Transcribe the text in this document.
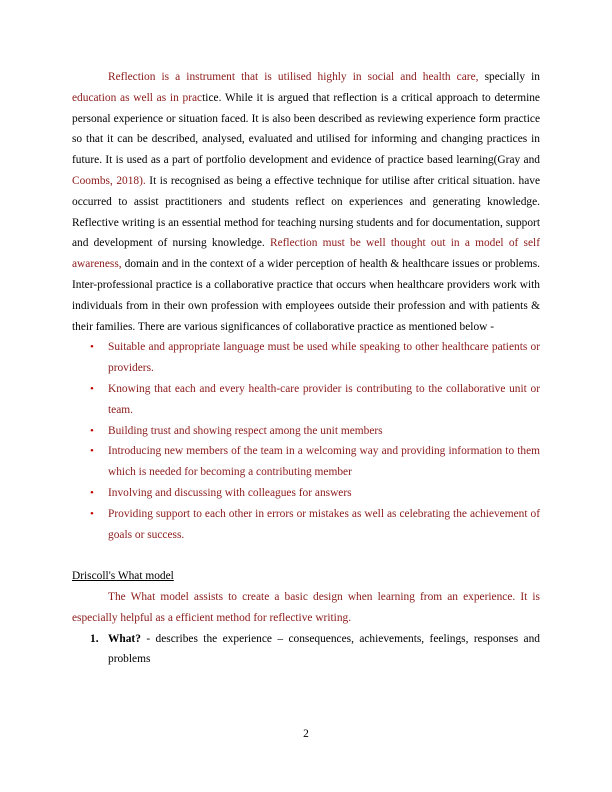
Reflection is a instrument that is utilised highly in social and health care, specially in education as well as in practice. While it is argued that reflection is a critical approach to determine personal experience or situation faced. It is also been described as reviewing experience form practice so that it can be described, analysed, evaluated and utilised for informing and changing practices in future. It is used as a part of portfolio development and evidence of practice based learning(Gray and Coombs, 2018). It is recognised as being a effective technique for utilise after critical situation. have occurred to assist practitioners and students reflect on experiences and generating knowledge. Reflective writing is an essential method for teaching nursing students and for documentation, support and development of nursing knowledge. Reflection must be well thought out in a model of self awareness, domain and in the context of a wider perception of health & healthcare issues or problems. Inter-professional practice is a collaborative practice that occurs when healthcare providers work with individuals from in their own profession with employees outside their profession and with patients & their families. There are various significances of collaborative practice as mentioned below -

• Suitable and appropriate language must be used while speaking to other healthcare patients or providers.
• Knowing that each and every health-care provider is contributing to the collaborative unit or team.
• Building trust and showing respect among the unit members
• Introducing new members of the team in a welcoming way and providing information to them which is needed for becoming a contributing member
• Involving and discussing with colleagues for answers
• Providing support to each other in errors or mistakes as well as celebrating the achievement of goals or success.

Driscoll's What model

The What model assists to create a basic design when learning from an experience. It is especially helpful as a efficient method for reflective writing.

1. What? - describes the experience – consequences, achievements, feelings, responses and problems
2
